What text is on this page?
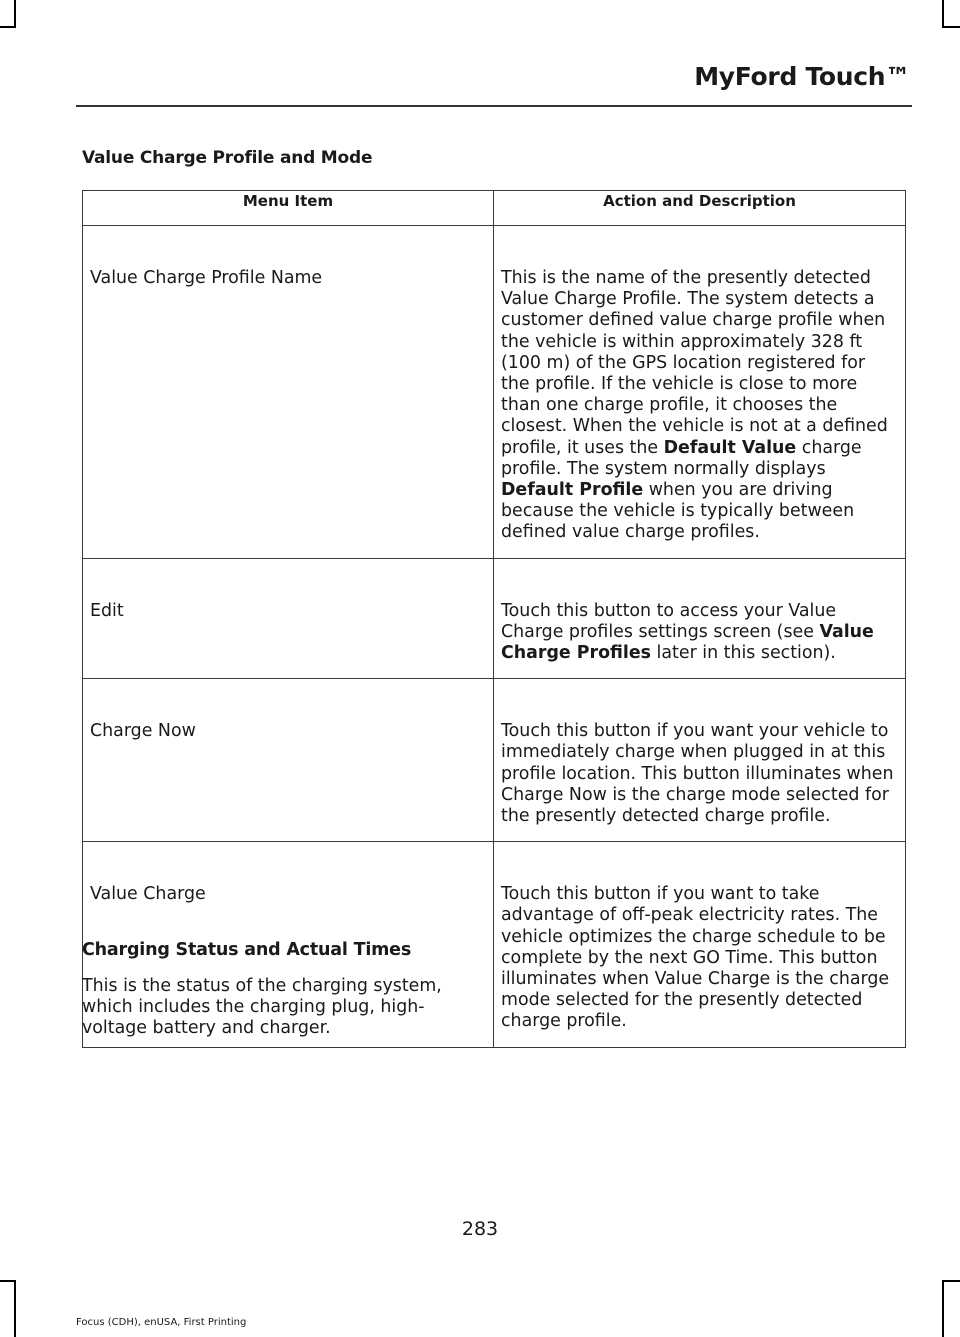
MyFord Touch™
Value Charge Profile and Mode
Menu Item	Action and Description
Value Charge Profile Name	This is the name of the presently detected Value Charge Profile. The system detects a customer defined value charge profile when the vehicle is within approximately 328 ft (100 m) of the GPS location registered for the profile. If the vehicle is close to more than one charge profile, it chooses the closest. When the vehicle is not at a defined profile, it uses the Default Value charge profile. The system normally displays Default Profile when you are driving because the vehicle is typically between defined value charge profiles.
Edit	Touch this button to access your Value Charge profiles settings screen (see Value Charge Profiles later in this section).
Charge Now	Touch this button if you want your vehicle to immediately charge when plugged in at this profile location. This button illuminates when Charge Now is the charge mode selected for the presently detected charge profile.
Value Charge	Touch this button if you want to take advantage of off-peak electricity rates. The vehicle optimizes the charge schedule to be complete by the next GO Time. This button illuminates when Value Charge is the charge mode selected for the presently detected charge profile.
Charging Status and Actual Times
This is the status of the charging system, which includes the charging plug, high-voltage battery and charger.
283
Focus (CDH), enUSA, First Printing
